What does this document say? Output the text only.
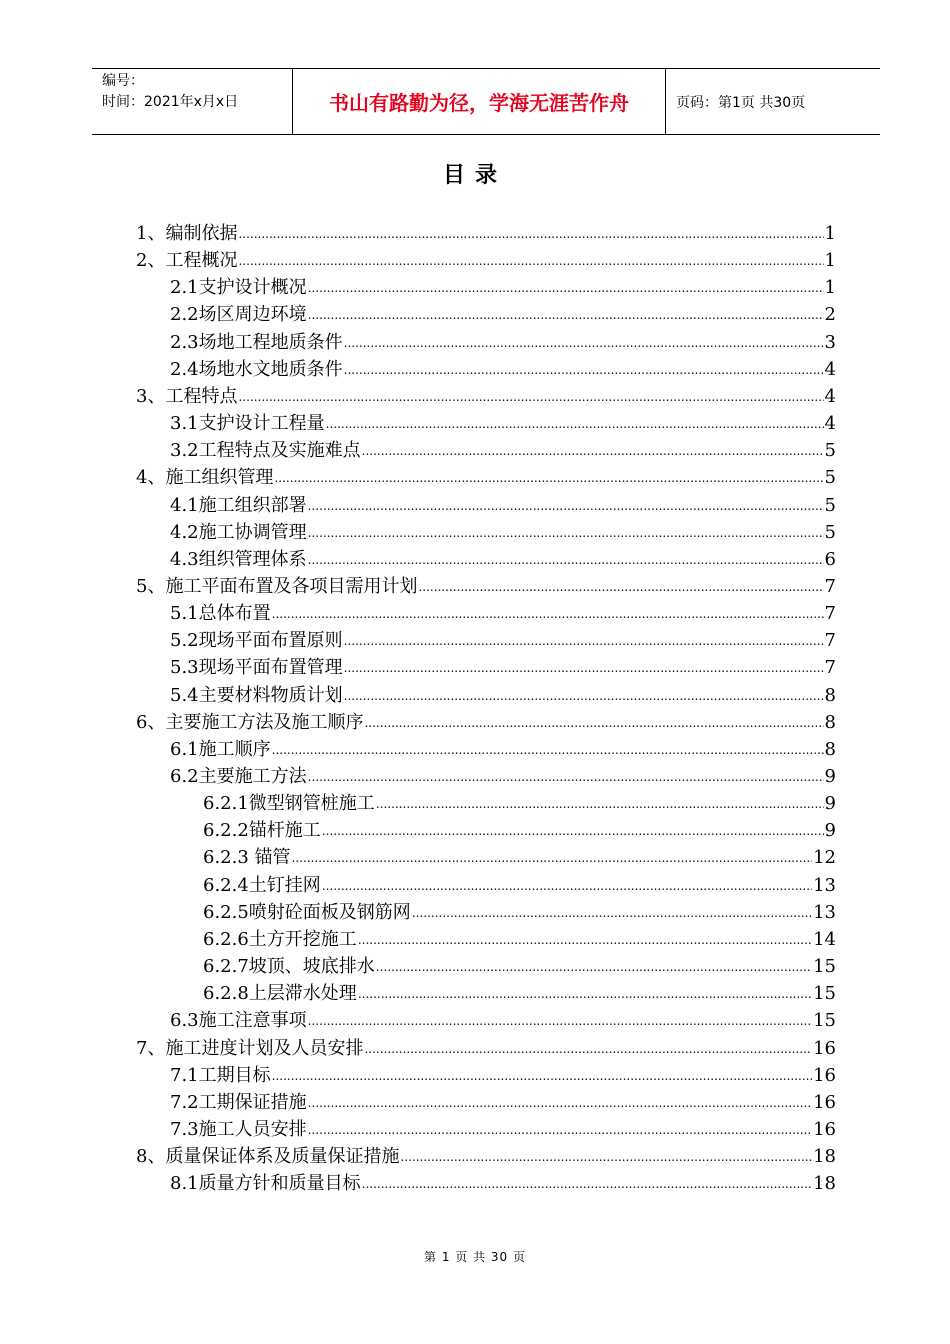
编号：
时间：2021年x月x日	书山有路勤为径，学海无涯苦作舟	页码：第1页 共30页
目录
1、编制依据 .....	1
2、工程概况 .....	1
2.1支护设计概况 .....	1
2.2场区周边环境 .....	2
2.3场地工程地质条件 .....	3
2.4场地水文地质条件 .....	4
3、工程特点 .....	4
3.1支护设计工程量 .....	4
3.2工程特点及实施难点 .....	5
4、施工组织管理 .....	5
4.1施工组织部署 .....	5
4.2施工协调管理 .....	5
4.3组织管理体系 .....	6
5、施工平面布置及各项目需用计划 .....	7
5.1总体布置 .....	7
5.2现场平面布置原则 .....	7
5.3现场平面布置管理 .....	7
5.4主要材料物质计划 .....	8
6、主要施工方法及施工顺序 .....	8
6.1施工顺序 .....	8
6.2主要施工方法 .....	9
6.2.1微型钢管桩施工 .....	9
6.2.2锚杆施工 .....	9
6.2.3 锚管 .....	12
6.2.4土钉挂网 .....	13
6.2.5喷射砼面板及钢筋网 .....	13
6.2.6土方开挖施工 .....	14
6.2.7坡顶、坡底排水 .....	15
6.2.8上层滞水处理 .....	15
6.3施工注意事项 .....	15
7、施工进度计划及人员安排 .....	16
7.1工期目标 .....	16
7.2工期保证措施 .....	16
7.3施工人员安排 .....	16
8、质量保证体系及质量保证措施 .....	18
8.1质量方针和质量目标 .....	18
第 1 页 共 30 页
